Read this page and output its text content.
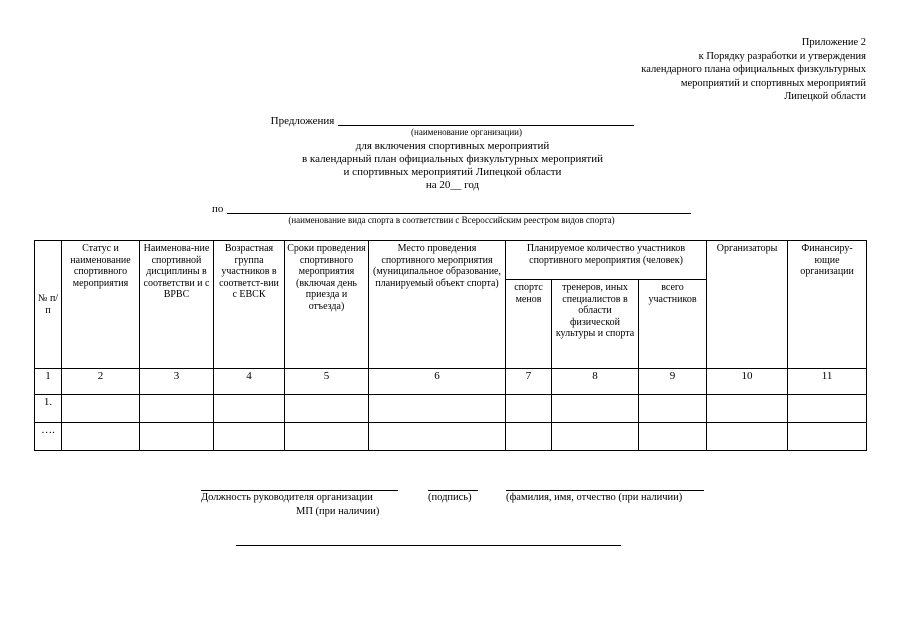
Приложение 2
к Порядку разработки и утверждения
календарного плана официальных физкультурных
мероприятий и спортивных мероприятий
Липецкой области
Предложения
(наименование организации)
для включения спортивных мероприятий
в календарный план официальных физкультурных мероприятий
и спортивных мероприятий Липецкой области
на 20__ год
по
(наименование вида спорта в соответствии с Всероссийским реестром видов спорта)
№ п/п	Статус и наименование спортивного мероприятия	Наименова-ние спортивной дисциплины в соответстви и с ВРВС	Возрастная группа участников в соответст-вии с ЕВСК	Сроки проведения спортивного мероприятия (включая день приезда и отъезда)	Место проведения спортивного мероприятия (муниципальное образование, планируемый объект спорта)	Планируемое количество участников спортивного мероприятия (человек)			Организаторы	Финансиру-ющие организации
						спортс менов	тренеров, иных специалистов в области физической культуры и спорта	всего участников		
1	2	3	4	5	6	7	8	9	10	11
1.										
….										
Должность руководителя организации
МП (при наличии)
(подпись)	(фамилия, имя, отчество (при наличии)
